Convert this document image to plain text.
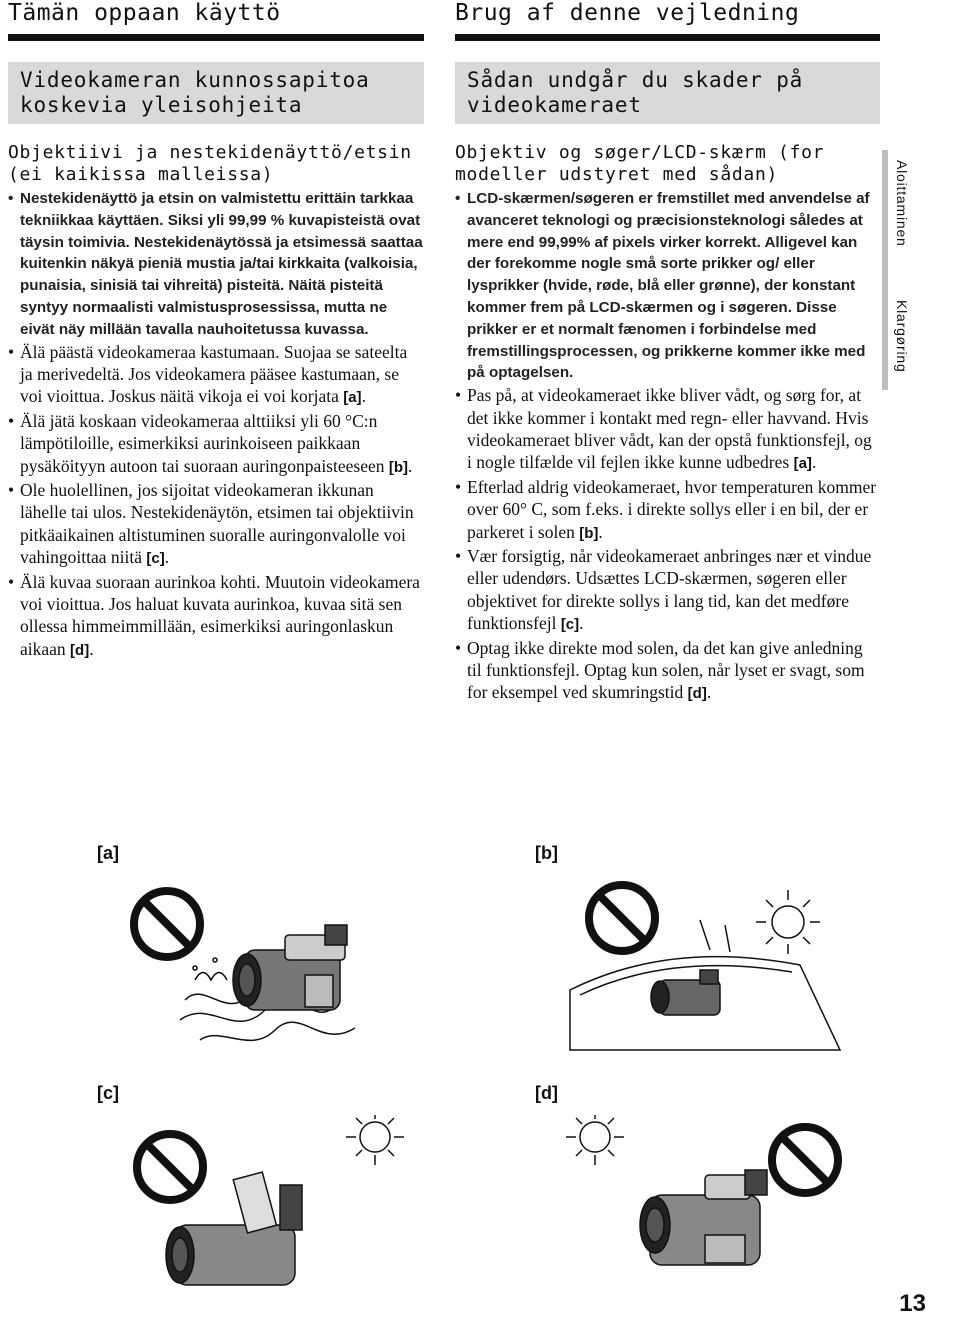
Tämän oppaan käyttö
Videokameran kunnossapitoa
koskevia yleisohjeita
Objektiivi ja nestekidenäyttö/etsin
(ei kaikissa malleissa)
• Nestekidenäyttö ja etsin on valmistettu erittäin tarkkaa tekniikkaa käyttäen. Siksi yli 99,99 % kuvapisteistä ovat täysin toimivia. Nestekidenäytössä ja etsimessä saattaa kuitenkin näkyä pieniä mustia ja/tai kirkkaita (valkoisia, punaisia, sinisiä tai vihreitä) pisteitä. Näitä pisteitä syntyy normaalisti valmistusprosessissa, mutta ne eivät näy millään tavalla nauhoitetussa kuvassa.
• Älä päästä videokameraa kastumaan. Suojaa se sateelta ja merivedeltä. Jos videokamera pääsee kastumaan, se voi vioittua. Joskus näitä vikoja ei voi korjata [a].
• Älä jätä koskaan videokameraa alttiiksi yli 60 °C:n lämpötiloille, esimerkiksi aurinkoiseen paikkaan pysäköityyn autoon tai suoraan auringonpaisteeseen [b].
• Ole huolellinen, jos sijoitat videokameran ikkunan lähelle tai ulos. Nestekidenäytön, etsimen tai objektiivin pitkäaikainen altistuminen suoralle auringonvalolle voi vahingoittaa niitä [c].
• Älä kuvaa suoraan aurinkoa kohti. Muutoin videokamera voi vioittua. Jos haluat kuvata aurinkoa, kuvaa sitä sen ollessa himmeimmillään, esimerkiksi auringonlaskun aikaan [d].
Brug af denne vejledning
Sådan undgår du skader på
videokameraet
Objektiv og søger/LCD-skærm (for
modeller udstyret med sådan)
• LCD-skærmen/søgeren er fremstillet med anvendelse af avanceret teknologi og præcisionsteknologi således at mere end 99,99% af pixels virker korrekt. Alligevel kan der forekomme nogle små sorte prikker og/ eller lysprikker (hvide, røde, blå eller grønne), der konstant kommer frem på LCD-skærmen og i søgeren. Disse prikker er et normalt fænomen i forbindelse med fremstillingsprocessen, og prikkerne kommer ikke med på optagelsen.
• Pas på, at videokameraet ikke bliver vådt, og sørg for, at det ikke kommer i kontakt med regn- eller havvand. Hvis videokameraet bliver vådt, kan der opstå funktionsfejl, og i nogle tilfælde vil fejlen ikke kunne udbedres [a].
• Efterlad aldrig videokameraet, hvor temperaturen kommer over 60° C, som f.eks. i direkte sollys eller i en bil, der er parkeret i solen [b].
• Vær forsigtig, når videokameraet anbringes nær et vindue eller udendørs. Udsættes LCD-skærmen, søgeren eller objektivet for direkte sollys i lang tid, kan det medføre funktionsfejl [c].
• Optag ikke direkte mod solen, da det kan give anledning til funktionsfejl. Optag kun solen, når lyset er svagt, som for eksempel ved skumringstid [d].
Aloittaminen
Klargøring
[a]	[b]
[c]	[d]
13
